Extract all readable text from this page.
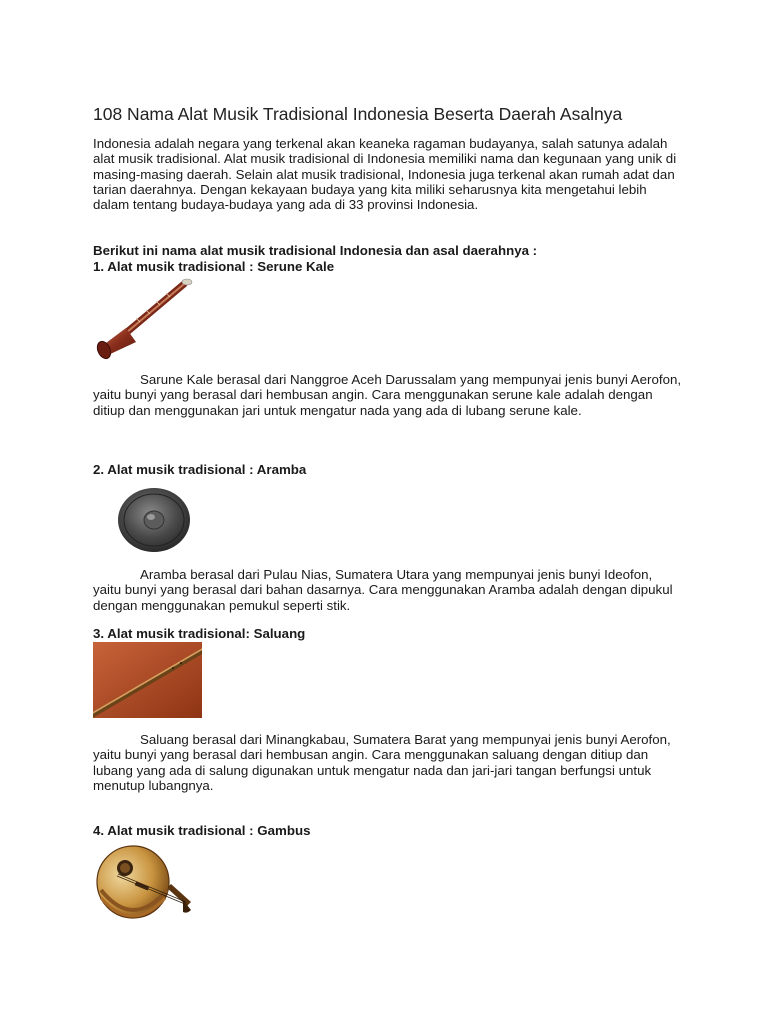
108 Nama Alat Musik Tradisional Indonesia Beserta Daerah Asalnya

Indonesia adalah negara yang terkenal akan keaneka ragaman budayanya, salah satunya adalah alat musik tradisional. Alat musik tradisional di Indonesia memiliki nama dan kegunaan yang unik di masing-masing daerah. Selain alat musik tradisional, Indonesia juga terkenal akan rumah adat dan tarian daerahnya. Dengan kekayaan budaya yang kita miliki seharusnya kita mengetahui lebih dalam tentang budaya-budaya yang ada di 33 provinsi Indonesia.

Berikut ini nama alat musik tradisional Indonesia dan asal daerahnya :

1. Alat musik tradisional : Serune Kale

Sarune Kale berasal dari Nanggroe Aceh Darussalam yang mempunyai jenis bunyi Aerofon, yaitu bunyi yang berasal dari hembusan angin. Cara menggunakan serune kale adalah dengan ditiup dan menggunakan jari untuk mengatur nada yang ada di lubang serune kale.

2. Alat musik tradisional : Aramba

Aramba berasal dari Pulau Nias, Sumatera Utara yang mempunyai jenis bunyi Ideofon, yaitu bunyi yang berasal dari bahan dasarnya. Cara menggunakan Aramba adalah dengan dipukul dengan menggunakan pemukul seperti stik.

3. Alat musik tradisional: Saluang

Saluang berasal dari Minangkabau, Sumatera Barat yang mempunyai jenis bunyi Aerofon, yaitu bunyi yang berasal dari hembusan angin. Cara menggunakan saluang dengan ditiup dan lubang yang ada di salung digunakan untuk mengatur nada dan jari-jari tangan berfungsi untuk menutup lubangnya.

4. Alat musik tradisional : Gambus
